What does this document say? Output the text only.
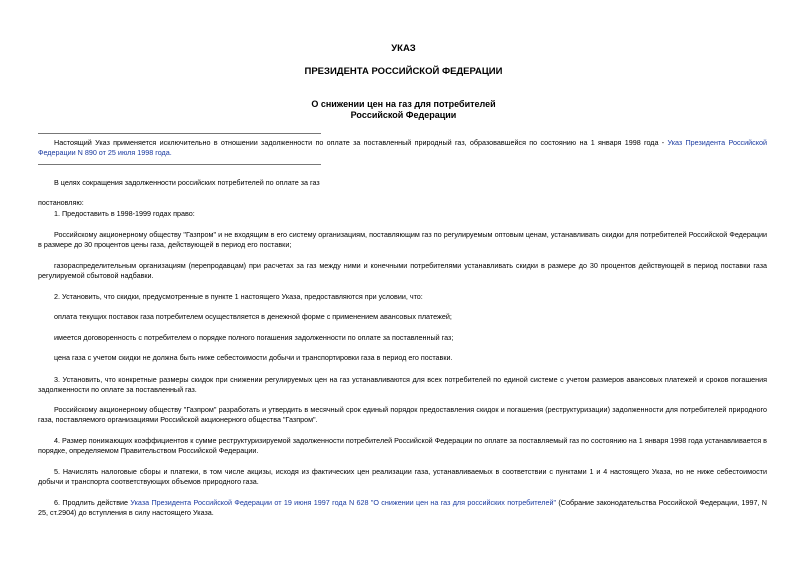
УКАЗ
ПРЕЗИДЕНТА РОССИЙСКОЙ ФЕДЕРАЦИИ
О снижении цен на газ для потребителей
Российской Федерации
Настоящий Указ применяется исключительно в отношении задолженности по оплате за поставленный природный газ, образовавшейся по состоянию на 1 января 1998 года - Указ Президента Российской Федерации N 890 от 25 июля 1998 года.
В целях сокращения задолженности российских потребителей по оплате за газ
постановляю:
1. Предоставить в 1998-1999 годах право:
Российскому акционерному обществу "Газпром" и не входящим в его систему организациям, поставляющим газ по регулируемым оптовым ценам, устанавливать скидки для потребителей Российской Федерации в размере до 30 процентов цены газа, действующей в период его поставки;
газораспределительным организациям (перепродавцам) при расчетах за газ между ними и конечными потребителями устанавливать скидки в размере до 30 процентов действующей в период поставки газа регулируемой сбытовой надбавки.
2. Установить, что скидки, предусмотренные в пункте 1 настоящего Указа, предоставляются при условии, что:
оплата текущих поставок газа потребителем осуществляется в денежной форме с применением авансовых платежей;
имеется договоренность с потребителем о порядке полного погашения задолженности по оплате за поставленный газ;
цена газа с учетом скидки не должна быть ниже себестоимости добычи и транспортировки газа в период его поставки.
3. Установить, что конкретные размеры скидок при снижении регулируемых цен на газ устанавливаются для всех потребителей по единой системе с учетом размеров авансовых платежей и сроков погашения задолженности по оплате за поставленный газ.
Российскому акционерному обществу "Газпром" разработать и утвердить в месячный срок единый порядок предоставления скидок и погашения (реструктуризации) задолженности для потребителей природного газа, поставляемого организациями Российской акционерного общества "Газпром".
4. Размер понижающих коэффициентов к сумме реструктуризируемой задолженности потребителей Российской Федерации по оплате за поставляемый газ по состоянию на 1 января 1998 года устанавливается в порядке, определяемом Правительством Российской Федерации.
5. Начислять налоговые сборы и платежи, в том числе акцизы, исходя из фактических цен реализации газа, устанавливаемых в соответствии с пунктами 1 и 4 настоящего Указа, но не ниже себестоимости добычи и транспорта соответствующих объемов природного газа.
6. Продлить действие Указа Президента Российской Федерации от 19 июня 1997 года N 628 "О снижении цен на газ для российских потребителей" (Собрание законодательства Российской Федерации, 1997, N 25, ст.2904) до вступления в силу настоящего Указа.
